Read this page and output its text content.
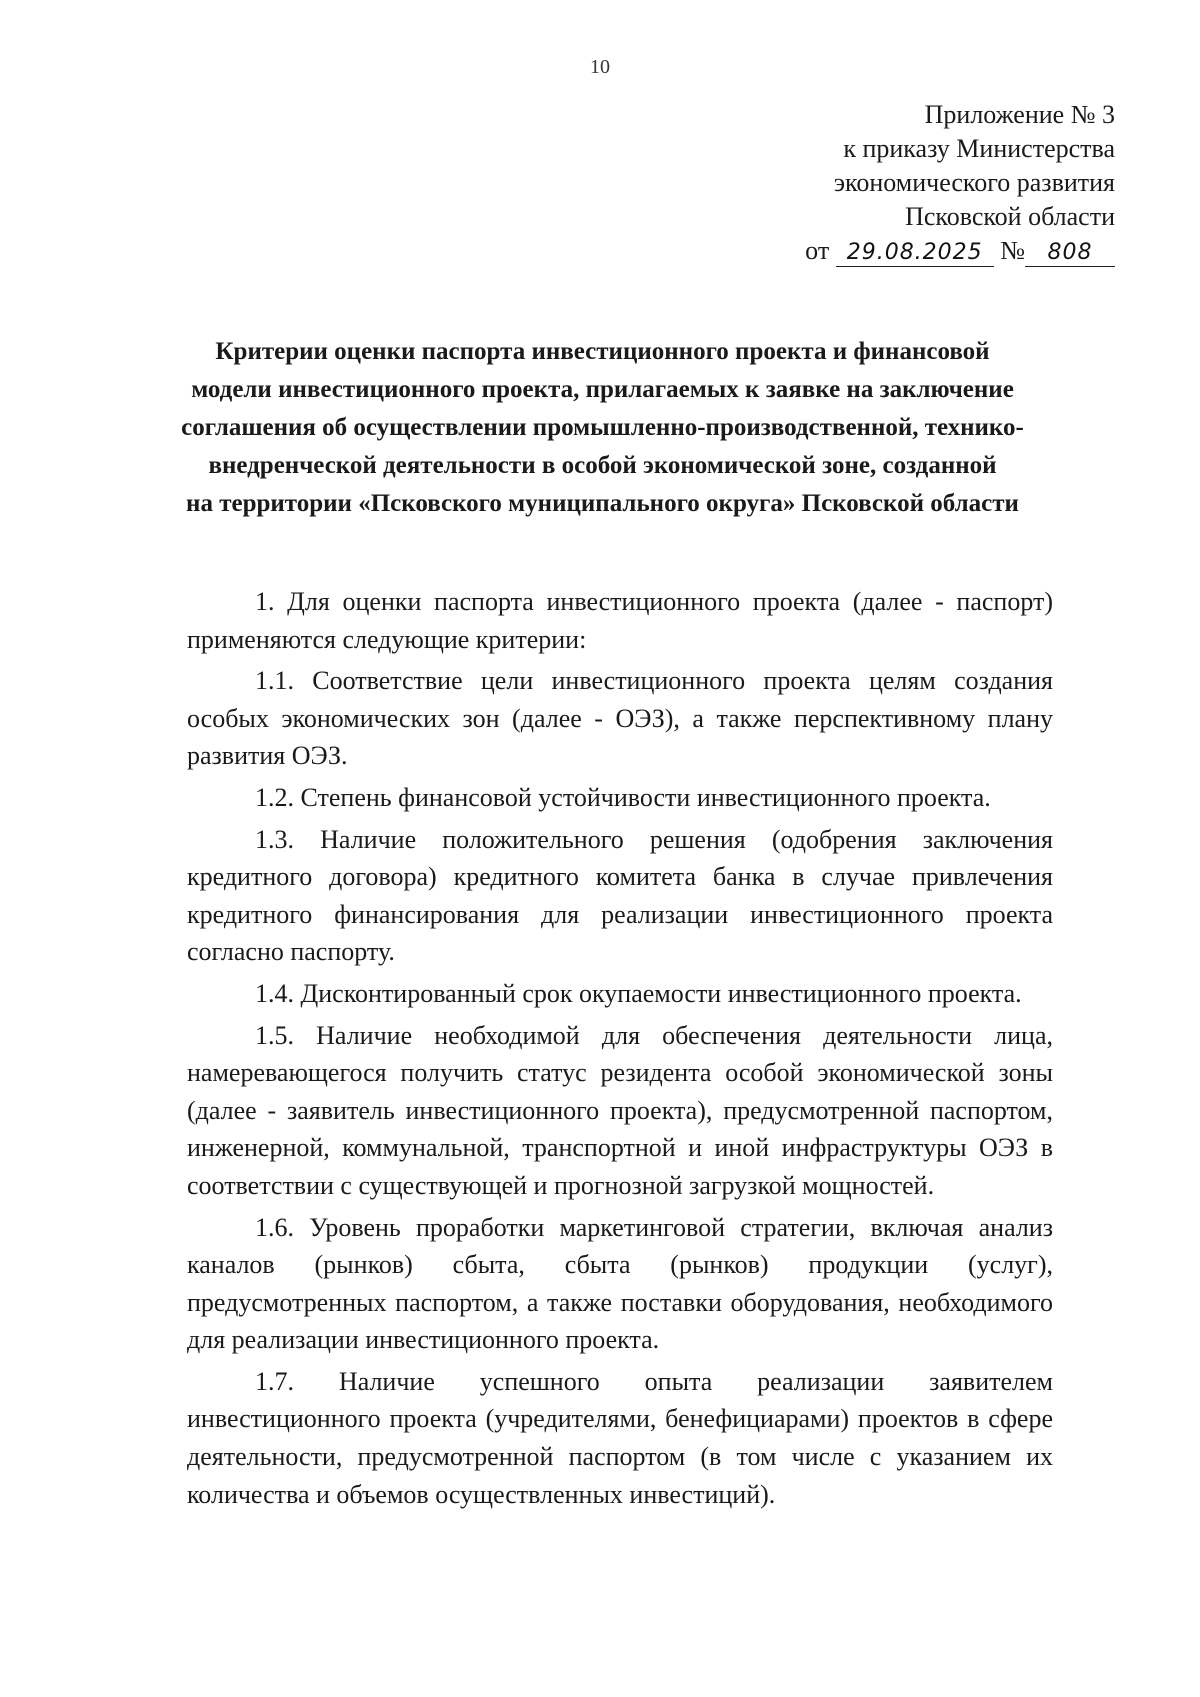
10
Приложение № 3
к приказу Министерства
экономического развития
Псковской области
от 29.08.2025 № 808
Критерии оценки паспорта инвестиционного проекта и финансовой
модели инвестиционного проекта, прилагаемых к заявке на заключение
соглашения об осуществлении промышленно-производственной, технико-
внедренческой деятельности в особой экономической зоне, созданной
на территории «Псковского муниципального округа» Псковской области

1. Для оценки паспорта инвестиционного проекта (далее - паспорт) применяются следующие критерии:

1.1. Соответствие цели инвестиционного проекта целям создания особых экономических зон (далее - ОЭЗ), а также перспективному плану развития ОЭЗ.

1.2. Степень финансовой устойчивости инвестиционного проекта.

1.3. Наличие положительного решения (одобрения заключения кредитного договора) кредитного комитета банка в случае привлечения кредитного финансирования для реализации инвестиционного проекта согласно паспорту.

1.4. Дисконтированный срок окупаемости инвестиционного проекта.

1.5. Наличие необходимой для обеспечения деятельности лица, намеревающегося получить статус резидента особой экономической зоны (далее - заявитель инвестиционного проекта), предусмотренной паспортом, инженерной, коммунальной, транспортной и иной инфраструктуры ОЭЗ в соответствии с существующей и прогнозной загрузкой мощностей.

1.6. Уровень проработки маркетинговой стратегии, включая анализ каналов (рынков) сбыта, сбыта (рынков) продукции (услуг), предусмотренных паспортом, а также поставки оборудования, необходимого для реализации инвестиционного проекта.

1.7. Наличие успешного опыта реализации заявителем инвестиционного проекта (учредителями, бенефициарами) проектов в сфере деятельности, предусмотренной паспортом (в том числе с указанием их количества и объемов осуществленных инвестиций).
